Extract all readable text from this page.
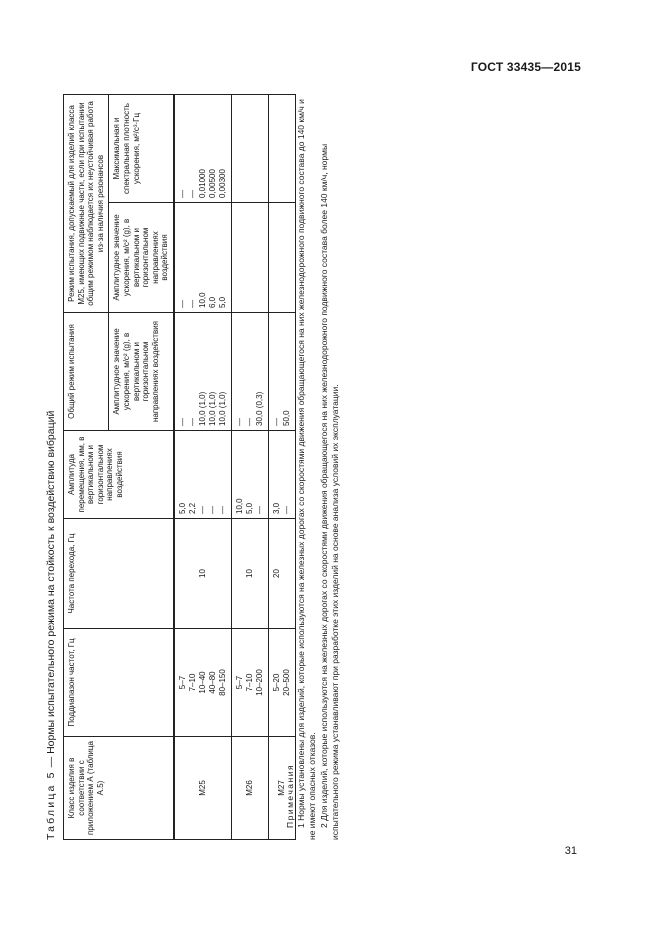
ГОСТ 33435—2015
Таблица 5 — Нормы испытательного режима на стойкость к воздействию вибраций
Класс изделия в соответствии с приложением А (таблица А.5)	Поддиапазон частот, Гц	Частота перехода, Гц	Амплитуда перемещения, мм, в вертикальном и горизонтальном направлениях воздействия	Общий режим испытания	Режим испытания, допускаемый для изделий класса М25, имеющих подвижные части, если при испытании общим режимом наблюдается их неустойчивая работа из-за наличия резонансов	
				Амплитудное значение ускорения, м/с² (g), в вертикальном и горизонтальном направлениях воздействия	Амплитудное значение ускорения, м/с² (g), в вертикальном и горизонтальном направлениях воздействия	Максимальная и спектральная плотность ускорения, м²/с³·Гц
М25	5–7 7–10 10–40 40–80 80–150	10	5,0 2,2 — — —	— — 10,0 (1,0) 10,0 (1,0) 10,0 (1,0)	— — 10,0 6,0 5,0	— — 0,01000 0,00500 0,00300

М26	5–7 7–10 10–200	10	10,0 5,0 —	— — 30,0 (0,3)		

М27	5–20 20–500	20	3,0 —	— 50,0		

Примечания 1 Нормы установлены для изделий, которые используются на железных дорогах со скоростями движения обращающегося на них железнодорожного подвижного состава до 140 км/ч и не имеют опасных отказов. 2 Для изделий, которые используются на железных дорогах со скоростями движения обращающегося на них железнодорожного подвижного состава более 140 км/ч, нормы испытательного режима устанавливают при разработке этих изделий на основе анализа условий их эксплуатации.

31
